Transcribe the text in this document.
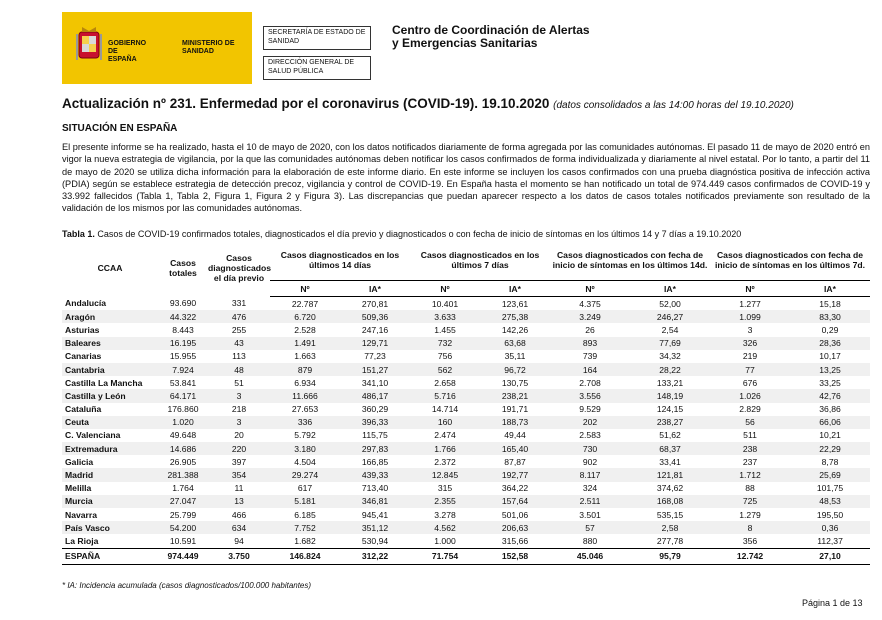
GOBIERNO DE ESPAÑA
MINISTERIO DE SANIDAD
SECRETARÍA DE ESTADO DE SANIDAD
DIRECCIÓN GENERAL DE SALUD PÚBLICA
Centro de Coordinación de Alertas y Emergencias Sanitarias
Actualización nº 231. Enfermedad por el coronavirus (COVID-19). 19.10.2020 (datos consolidados a las 14:00 horas del 19.10.2020)
SITUACIÓN EN ESPAÑA
El presente informe se ha realizado, hasta el 10 de mayo de 2020, con los datos notificados diariamente de forma agregada por las comunidades autónomas. El pasado 11 de mayo de 2020 entró en vigor la nueva estrategia de vigilancia, por la que las comunidades autónomas deben notificar los casos confirmados de forma individualizada y diariamente al nivel estatal. Por lo tanto, a partir del 11 de mayo de 2020 se utiliza dicha información para la elaboración de este informe diario. En este informe se incluyen los casos confirmados con una prueba diagnóstica positiva de infección activa (PDIA) según se establece estrategia de detección precoz, vigilancia y control de COVID-19. En España hasta el momento se han notificado un total de 974.449 casos confirmados de COVID-19 y 33.992 fallecidos (Tabla 1, Tabla 2, Figura 1, Figura 2 y Figura 3). Las discrepancias que puedan aparecer respecto a los datos de casos totales notificados previamente son resultado de la validación de los mismos por las comunidades autónomas.
Tabla 1. Casos de COVID-19 confirmados totales, diagnosticados el día previo y diagnosticados o con fecha de inicio de síntomas en los últimos 14 y 7 días a 19.10.2020
CCAA	Casos totales	Casos diagnosticados el día previo	Casos diagnosticados en los últimos 14 días		Casos diagnosticados en los últimos 7 días		Casos diagnosticados con fecha de inicio de síntomas en los últimos 14d.		Casos diagnosticados con fecha de inicio de síntomas en los últimos 7d.	
			Nº	IA*	Nº	IA*	Nº	IA*	Nº	IA*
Andalucía	93.690	331	22.787	270,81	10.401	123,61	4.375	52,00	1.277	15,18
Aragón	44.322	476	6.720	509,36	3.633	275,38	3.249	246,27	1.099	83,30
Asturias	8.443	255	2.528	247,16	1.455	142,26	26	2,54	3	0,29
Baleares	16.195	43	1.491	129,71	732	63,68	893	77,69	326	28,36
Canarias	15.955	113	1.663	77,23	756	35,11	739	34,32	219	10,17
Cantabria	7.924	48	879	151,27	562	96,72	164	28,22	77	13,25
Castilla La Mancha	53.841	51	6.934	341,10	2.658	130,75	2.708	133,21	676	33,25
Castilla y León	64.171	3	11.666	486,17	5.716	238,21	3.556	148,19	1.026	42,76
Cataluña	176.860	218	27.653	360,29	14.714	191,71	9.529	124,15	2.829	36,86
Ceuta	1.020	3	336	396,33	160	188,73	202	238,27	56	66,06
C. Valenciana	49.648	20	5.792	115,75	2.474	49,44	2.583	51,62	511	10,21
Extremadura	14.686	220	3.180	297,83	1.766	165,40	730	68,37	238	22,29
Galicia	26.905	397	4.504	166,85	2.372	87,87	902	33,41	237	8,78
Madrid	281.388	354	29.274	439,33	12.845	192,77	8.117	121,81	1.712	25,69
Melilla	1.764	11	617	713,40	315	364,22	324	374,62	88	101,75
Murcia	27.047	13	5.181	346,81	2.355	157,64	2.511	168,08	725	48,53
Navarra	25.799	466	6.185	945,41	3.278	501,06	3.501	535,15	1.279	195,50
País Vasco	54.200	634	7.752	351,12	4.562	206,63	57	2,58	8	0,36
La Rioja	10.591	94	1.682	530,94	1.000	315,66	880	277,78	356	112,37
ESPAÑA	974.449	3.750	146.824	312,22	71.754	152,58	45.046	95,79	12.742	27,10
* IA: Incidencia acumulada (casos diagnosticados/100.000 habitantes)
Página 1 de 13
